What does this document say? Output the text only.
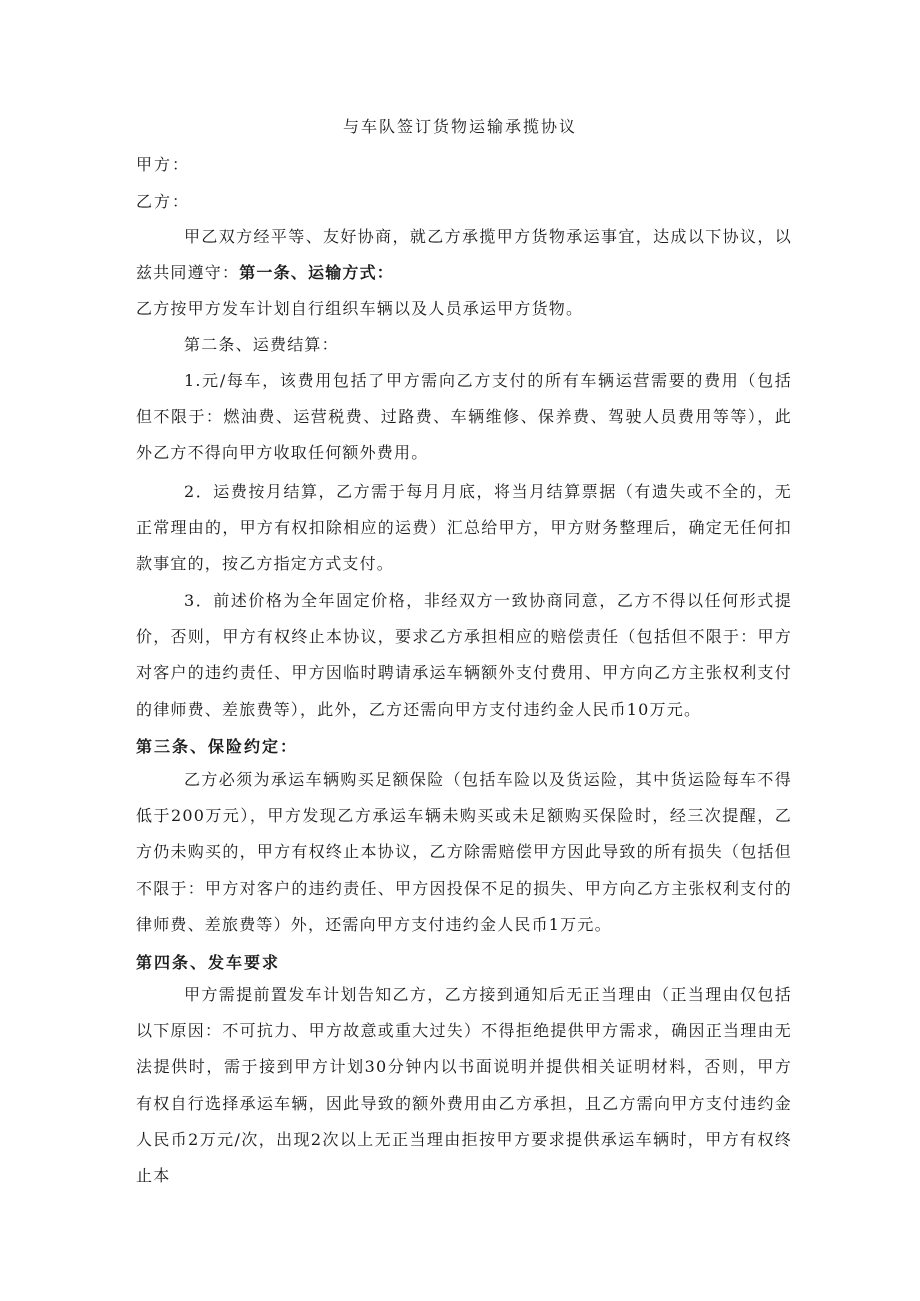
与车队签订货物运输承揽协议
甲方：
乙方：

甲乙双方经平等、友好协商，就乙方承揽甲方货物承运事宜，达成以下协议，以兹共同遵守：第一条、运输方式：

乙方按甲方发车计划自行组织车辆以及人员承运甲方货物。

第二条、运费结算：

1.元/每车，该费用包括了甲方需向乙方支付的所有车辆运营需要的费用（包括但不限于：燃油费、运营税费、过路费、车辆维修、保养费、驾驶人员费用等等），此外乙方不得向甲方收取任何额外费用。

2．运费按月结算，乙方需于每月月底，将当月结算票据（有遗失或不全的，无正常理由的，甲方有权扣除相应的运费）汇总给甲方，甲方财务整理后，确定无任何扣款事宜的，按乙方指定方式支付。

3．前述价格为全年固定价格，非经双方一致协商同意，乙方不得以任何形式提价，否则，甲方有权终止本协议，要求乙方承担相应的赔偿责任（包括但不限于：甲方对客户的违约责任、甲方因临时聘请承运车辆额外支付费用、甲方向乙方主张权利支付的律师费、差旅费等），此外，乙方还需向甲方支付违约金人民币10万元。

第三条、保险约定：

乙方必须为承运车辆购买足额保险（包括车险以及货运险，其中货运险每车不得低于200万元），甲方发现乙方承运车辆未购买或未足额购买保险时，经三次提醒，乙方仍未购买的，甲方有权终止本协议，乙方除需赔偿甲方因此导致的所有损失（包括但不限于：甲方对客户的违约责任、甲方因投保不足的损失、甲方向乙方主张权利支付的律师费、差旅费等）外，还需向甲方支付违约金人民币1万元。

第四条、发车要求

甲方需提前置发车计划告知乙方，乙方接到通知后无正当理由（正当理由仅包括以下原因：不可抗力、甲方故意或重大过失）不得拒绝提供甲方需求，确因正当理由无法提供时，需于接到甲方计划30分钟内以书面说明并提供相关证明材料，否则，甲方有权自行选择承运车辆，因此导致的额外费用由乙方承担，且乙方需向甲方支付违约金人民币2万元/次，出现2次以上无正当理由拒按甲方要求提供承运车辆时，甲方有权终止本
